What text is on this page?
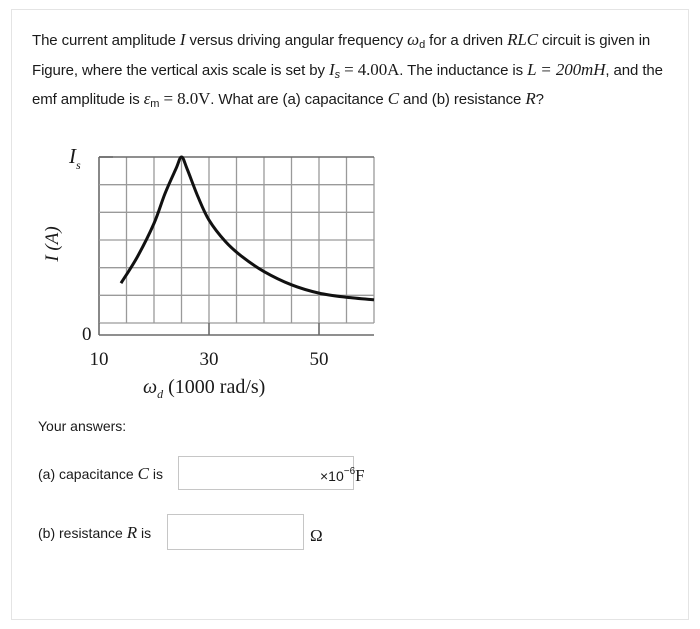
The current amplitude I versus driving angular frequency $\omega_d$ for a driven RLC circuit is given in Figure, where the vertical axis scale is set by $I_s = 4.00A$. The inductance is L = 200mH, and the emf amplitude is $\varepsilon_m = 8.0V$. What are (a) capacitance C and (b) resistance R?
$I_s$
0
I (A)
$\omega_d$ (1000 rad/s)
10	30	50
Your answers:
(a) capacitance C is	$\times 10^{-6}F$
(b) resistance R is	Ω
